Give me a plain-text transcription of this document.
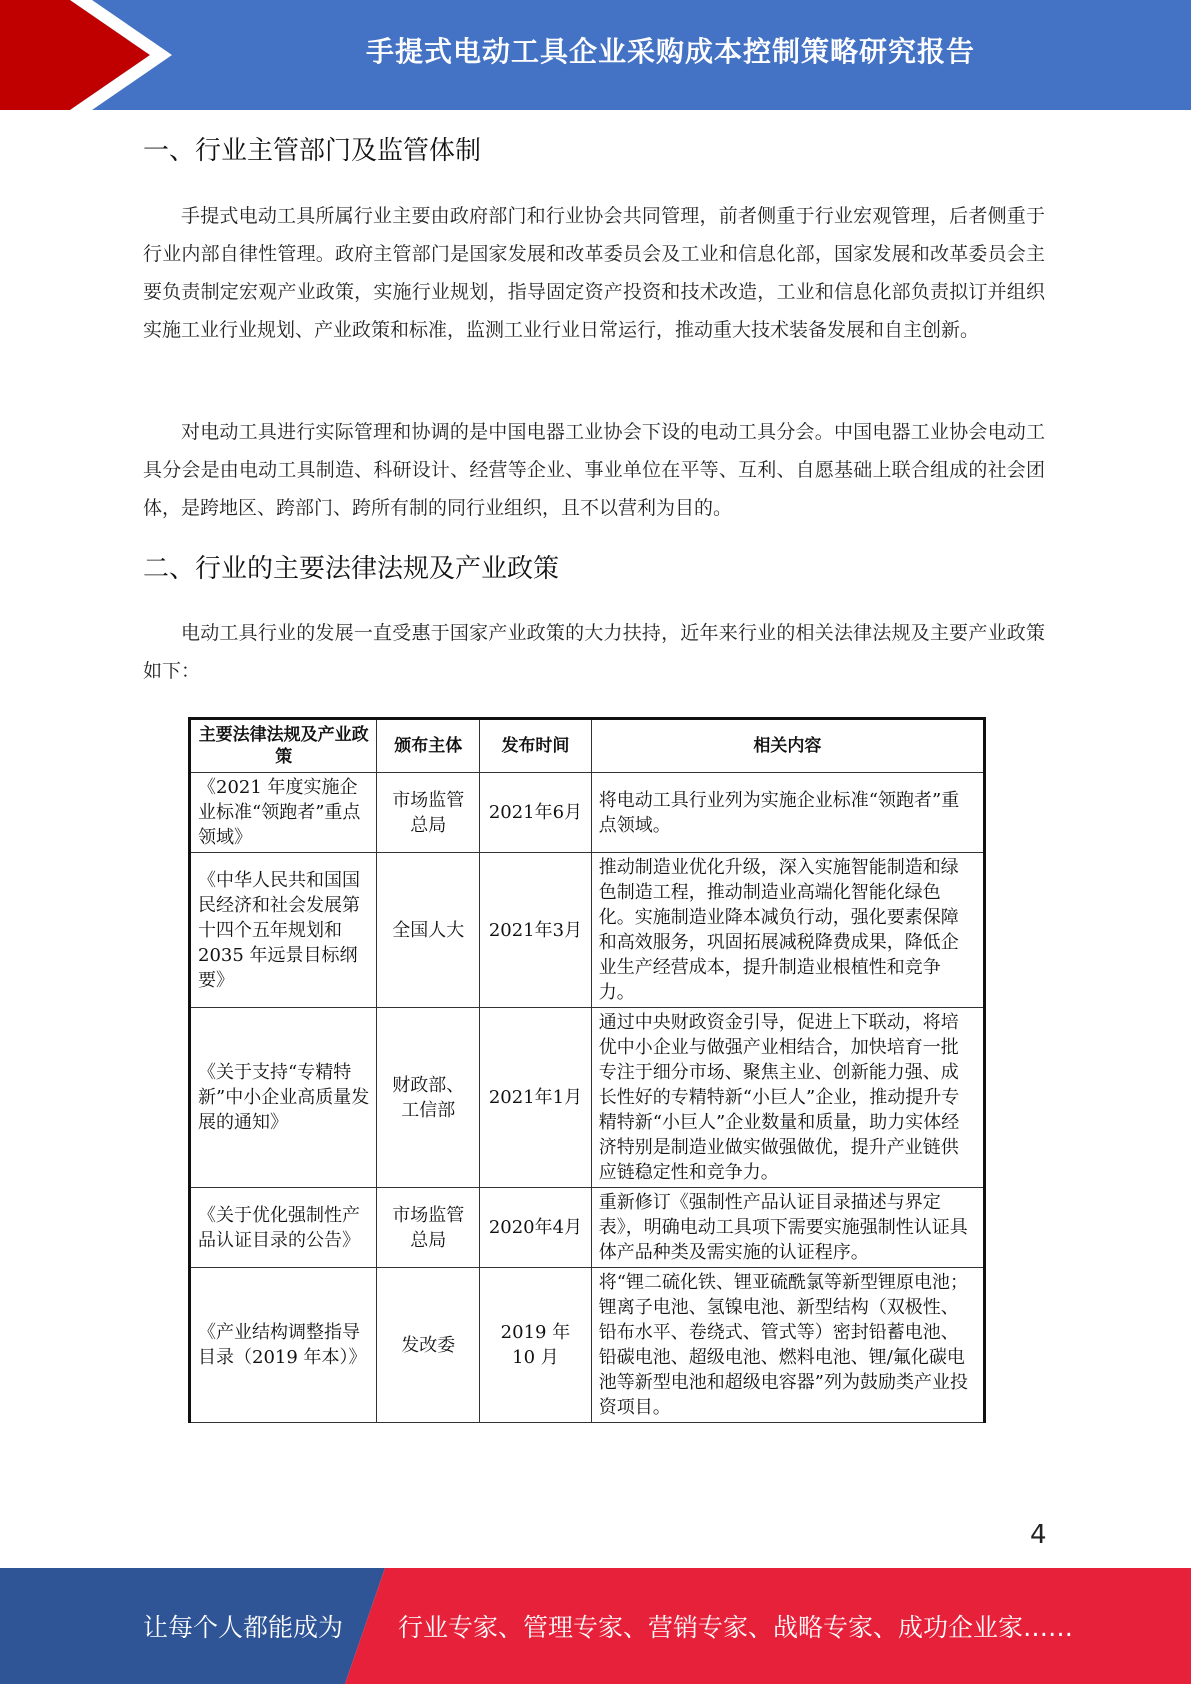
手提式电动工具企业采购成本控制策略研究报告
一、行业主管部门及监管体制
手提式电动工具所属行业主要由政府部门和行业协会共同管理，前者侧重于行业宏观管理，后者侧重于行业内部自律性管理。政府主管部门是国家发展和改革委员会及工业和信息化部，国家发展和改革委员会主要负责制定宏观产业政策，实施行业规划，指导固定资产投资和技术改造，工业和信息化部负责拟订并组织实施工业行业规划、产业政策和标准，监测工业行业日常运行，推动重大技术装备发展和自主创新。
对电动工具进行实际管理和协调的是中国电器工业协会下设的电动工具分会。中国电器工业协会电动工具分会是由电动工具制造、科研设计、经营等企业、事业单位在平等、互利、自愿基础上联合组成的社会团体，是跨地区、跨部门、跨所有制的同行业组织，且不以营利为目的。
二、行业的主要法律法规及产业政策
电动工具行业的发展一直受惠于国家产业政策的大力扶持，近年来行业的相关法律法规及主要产业政策如下：
主要法律法规及产业政策	颁布主体	发布时间	相关内容
《2021 年度实施企业标准“领跑者”重点领域》	市场监管总局	2021年6月	将电动工具行业列为实施企业标准“领跑者”重点领域。
《中华人民共和国国民经济和社会发展第十四个五年规划和 2035 年远景目标纲要》	全国人大	2021年3月	推动制造业优化升级，深入实施智能制造和绿色制造工程，推动制造业高端化智能化绿色化。实施制造业降本减负行动，强化要素保障和高效服务，巩固拓展减税降费成果，降低企业生产经营成本，提升制造业根植性和竞争力。
《关于支持“专精特新”中小企业高质量发展的通知》	财政部、工信部	2021年1月	通过中央财政资金引导，促进上下联动，将培优中小企业与做强产业相结合，加快培育一批专注于细分市场、聚焦主业、创新能力强、成长性好的专精特新“小巨人”企业，推动提升专精特新“小巨人”企业数量和质量，助力实体经济特别是制造业做实做强做优，提升产业链供应链稳定性和竞争力。
《关于优化强制性产品认证目录的公告》	市场监管总局	2020年4月	重新修订《强制性产品认证目录描述与界定表》，明确电动工具项下需要实施强制性认证具体产品种类及需实施的认证程序。
《产业结构调整指导目录（2019 年本）》	发改委	2019 年 10 月	将“锂二硫化铁、锂亚硫酰氯等新型锂原电池；锂离子电池、氢镍电池、新型结构（双极性、铅布水平、卷绕式、管式等）密封铅蓄电池、铅碳电池、超级电池、燃料电池、锂/氟化碳电池等新型电池和超级电容器”列为鼓励类产业投资项目。
4
让每个人都能成为 行业专家、管理专家、营销专家、战略专家、成功企业家……
